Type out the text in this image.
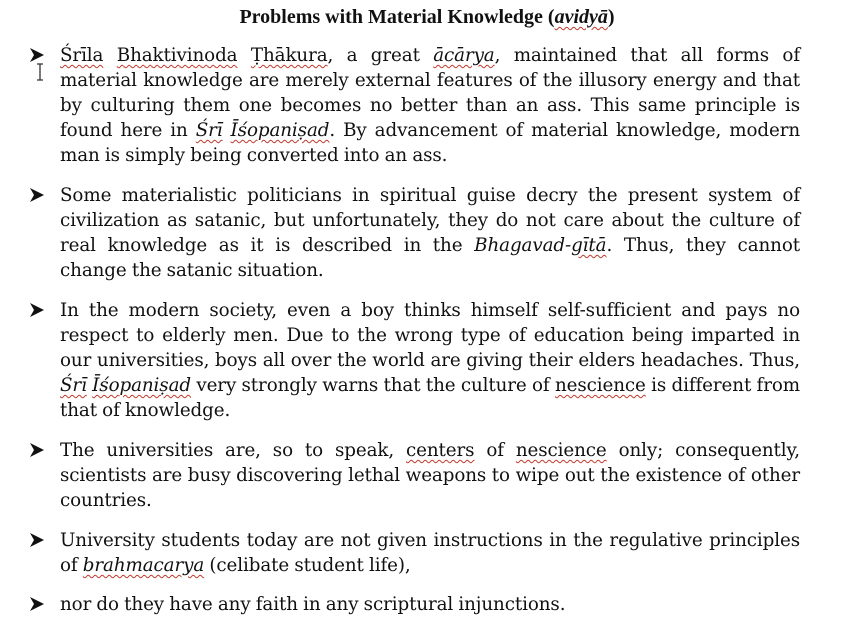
Problems with Material Knowledge (avidyā)
Śrīla Bhaktivinoda Ṭhākura, a great ācārya, maintained that all forms of material knowledge are merely external features of the illusory energy and that by culturing them one becomes no better than an ass. This same principle is found here in Śrī Īśopaniṣad. By advancement of material knowledge, modern man is simply being converted into an ass.
Some materialistic politicians in spiritual guise decry the present system of civilization as satanic, but unfortunately, they do not care about the culture of real knowledge as it is described in the Bhagavad-gītā. Thus, they cannot change the satanic situation.
In the modern society, even a boy thinks himself self-sufficient and pays no respect to elderly men. Due to the wrong type of education being imparted in our universities, boys all over the world are giving their elders headaches. Thus, Śrī Īśopaniṣad very strongly warns that the culture of nescience is different from that of knowledge.
The universities are, so to speak, centers of nescience only; consequently, scientists are busy discovering lethal weapons to wipe out the existence of other countries.
University students today are not given instructions in the regulative principles of brahmacarya (celibate student life),
nor do they have any faith in any scriptural injunctions.
